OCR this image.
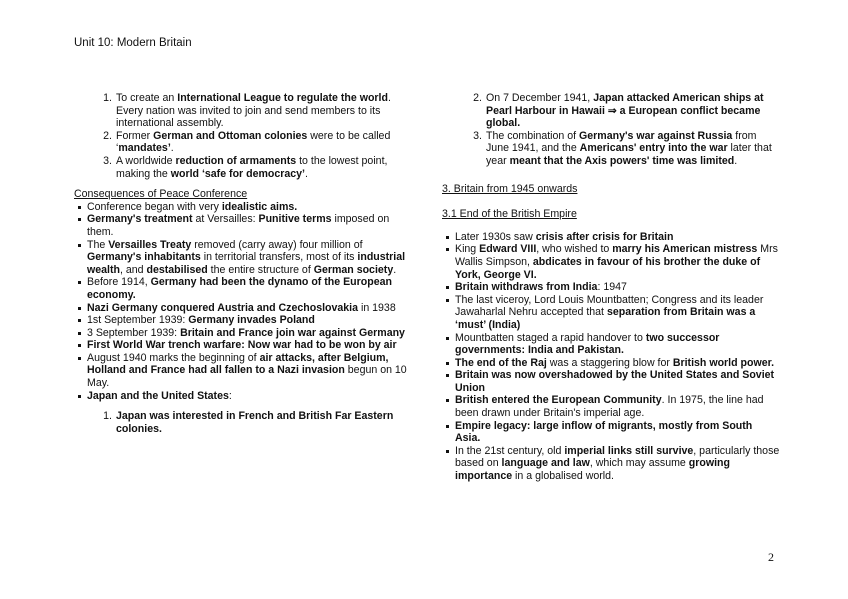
Unit 10: Modern Britain
1. To create an International League to regulate the world. Every nation was invited to join and send members to its international assembly.
2. Former German and Ottoman colonies were to be called ‘mandates’.
3. A worldwide reduction of armaments to the lowest point, making the world ‘safe for democracy’.
Consequences of Peace Conference
Conference began with very idealistic aims.
Germany's treatment at Versailles: Punitive terms imposed on them.
The Versailles Treaty removed (carry away) four million of Germany's inhabitants in territorial transfers, most of its industrial wealth, and destabilised the entire structure of German society.
Before 1914, Germany had been the dynamo of the European economy.
Nazi Germany conquered Austria and Czechoslovakia in 1938
1st September 1939: Germany invades Poland
3 September 1939: Britain and France join war against Germany
First World War trench warfare: Now war had to be won by air
August 1940 marks the beginning of air attacks, after Belgium, Holland and France had all fallen to a Nazi invasion begun on 10 May.
Japan and the United States:
1. Japan was interested in French and British Far Eastern colonies.
2. On 7 December 1941, Japan attacked American ships at Pearl Harbour in Hawaii ⇒ a European conflict became global.
3. The combination of Germany's war against Russia from June 1941, and the Americans' entry into the war later that year meant that the Axis powers' time was limited.
3. Britain from 1945 onwards
3.1 End of the British Empire
Later 1930s saw crisis after crisis for Britain
King Edward VIII, who wished to marry his American mistress Mrs Wallis Simpson, abdicates in favour of his brother the duke of York, George VI.
Britain withdraws from India: 1947
The last viceroy, Lord Louis Mountbatten; Congress and its leader Jawaharlal Nehru accepted that separation from Britain was a ‘must’ (India)
Mountbatten staged a rapid handover to two successor governments: India and Pakistan.
The end of the Raj was a staggering blow for British world power.
Britain was now overshadowed by the United States and Soviet Union
British entered the European Community. In 1975, the line had been drawn under Britain's imperial age.
Empire legacy: large inflow of migrants, mostly from South Asia.
In the 21st century, old imperial links still survive, particularly those based on language and law, which may assume growing importance in a globalised world.
2
